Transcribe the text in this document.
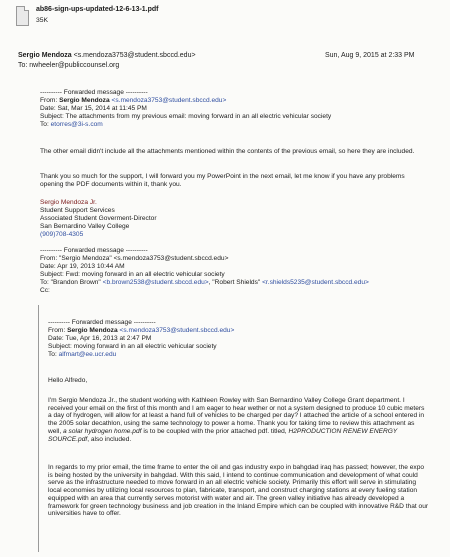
ab86-sign-ups-updated-12-6-13-1.pdf
35K
Sergio Mendoza <s.mendoza3753@student.sbccd.edu>	Sun, Aug 9, 2015 at 2:33 PM
To: nwheeler@publiccounsel.org
---------- Forwarded message ----------
From: Sergio Mendoza <s.mendoza3753@student.sbccd.edu>
Date: Sat, Mar 15, 2014 at 11:45 PM
Subject: The attachments from my previous email: moving forward in an all electric vehicular society
To: etorres@3i-s.com
The other email didn't include all the attachments mentioned within the contents of the previous email, so here they are included.
Thank you so much for the support, I will forward you my PowerPoint in the next email, let me know if you have any problems opening the PDF documents within it, thank you.
Sergio Mendoza Jr.
Student Support Services
Associated Student Goverment-Director
San Bernardino Valley College
(909)708-4305
---------- Forwarded message ----------
From: "Sergio Mendoza" <s.mendoza3753@student.sbccd.edu>
Date: Apr 19, 2013 10:44 AM
Subject: Fwd: moving forward in an all electric vehicular society
To: "Brandon Brown" <b.brown2538@student.sbccd.edu>, "Robert Shields" <r.shields5235@student.sbccd.edu>
Cc:
---------- Forwarded message ----------
From: Sergio Mendoza <s.mendoza3753@student.sbccd.edu>
Date: Tue, Apr 16, 2013 at 2:47 PM
Subject: moving forward in an all electric vehicular society
To: alfmart@ee.ucr.edu
Hello Alfredo,
I'm Sergio Mendoza Jr., the student working with Kathleen Rowley with San Bernardino Valley College Grant department. I received your email on the first of this month and I am eager to hear wether or not a system designed to produce 10 cubic meters a day of hydrogen, will allow for at least a hand full of vehicles to be charged per day? I attached the article of a school entered in the 2005 solar decathlon, using the same technology to power a home. Thank you for taking time to review this attachment as well, a solar hydrogen home.pdf is to be coupled with the prior attached pdf. titled, H2PRODUCTION RENEW ENERGY SOURCE.pdf, also included.
In regards to my prior email, the time frame to enter the oil and gas industry expo in bahgdad iraq has passed; however, the expo is being hosted by the university in bahgdad. With this said, I intend to continue communication and development of what could serve as the infrastructure needed to move forward in an all electric vehicle society. Primarily this effort will serve in stimulating local economies by utilizing local resources to plan, fabricate, transport, and construct charging stations at every fueling station equipped with an area that currently serves motorist with water and air. The green valley initiative has already developed a framework for green technology business and job creation in the Inland Empire which can be coupled with innovative R&D that our universities have to offer.
